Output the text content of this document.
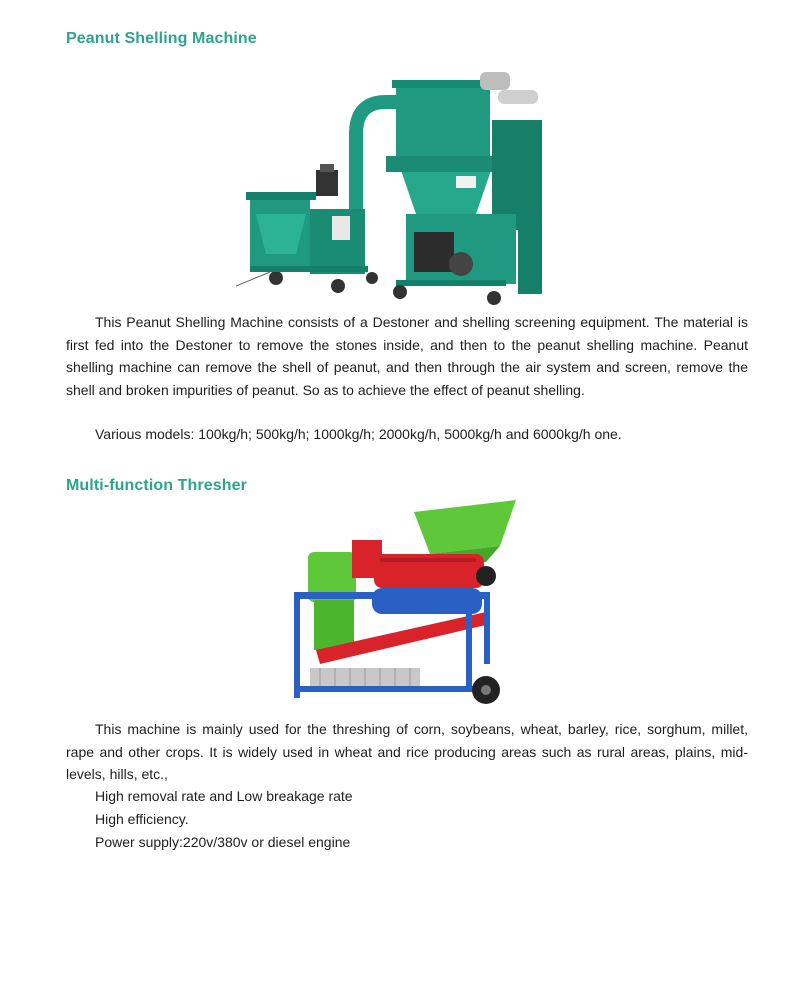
Peanut Shelling Machine

This Peanut Shelling Machine consists of a Destoner and shelling screening equipment. The material is first fed into the Destoner to remove the stones inside, and then to the peanut shelling machine. Peanut shelling machine can remove the shell of peanut, and then through the air system and screen, remove the shell and broken impurities of peanut. So as to achieve the effect of peanut shelling.

Various models: 100kg/h; 500kg/h; 1000kg/h; 2000kg/h, 5000kg/h and 6000kg/h one.

Multi-function Thresher

This machine is mainly used for the threshing of corn, soybeans, wheat, barley, rice, sorghum, millet, rape and other crops. It is widely used in wheat and rice producing areas such as rural areas, plains, mid-levels, hills, etc.,

High removal rate and Low breakage rate

High efficiency.

Power supply:220v/380v or diesel engine
